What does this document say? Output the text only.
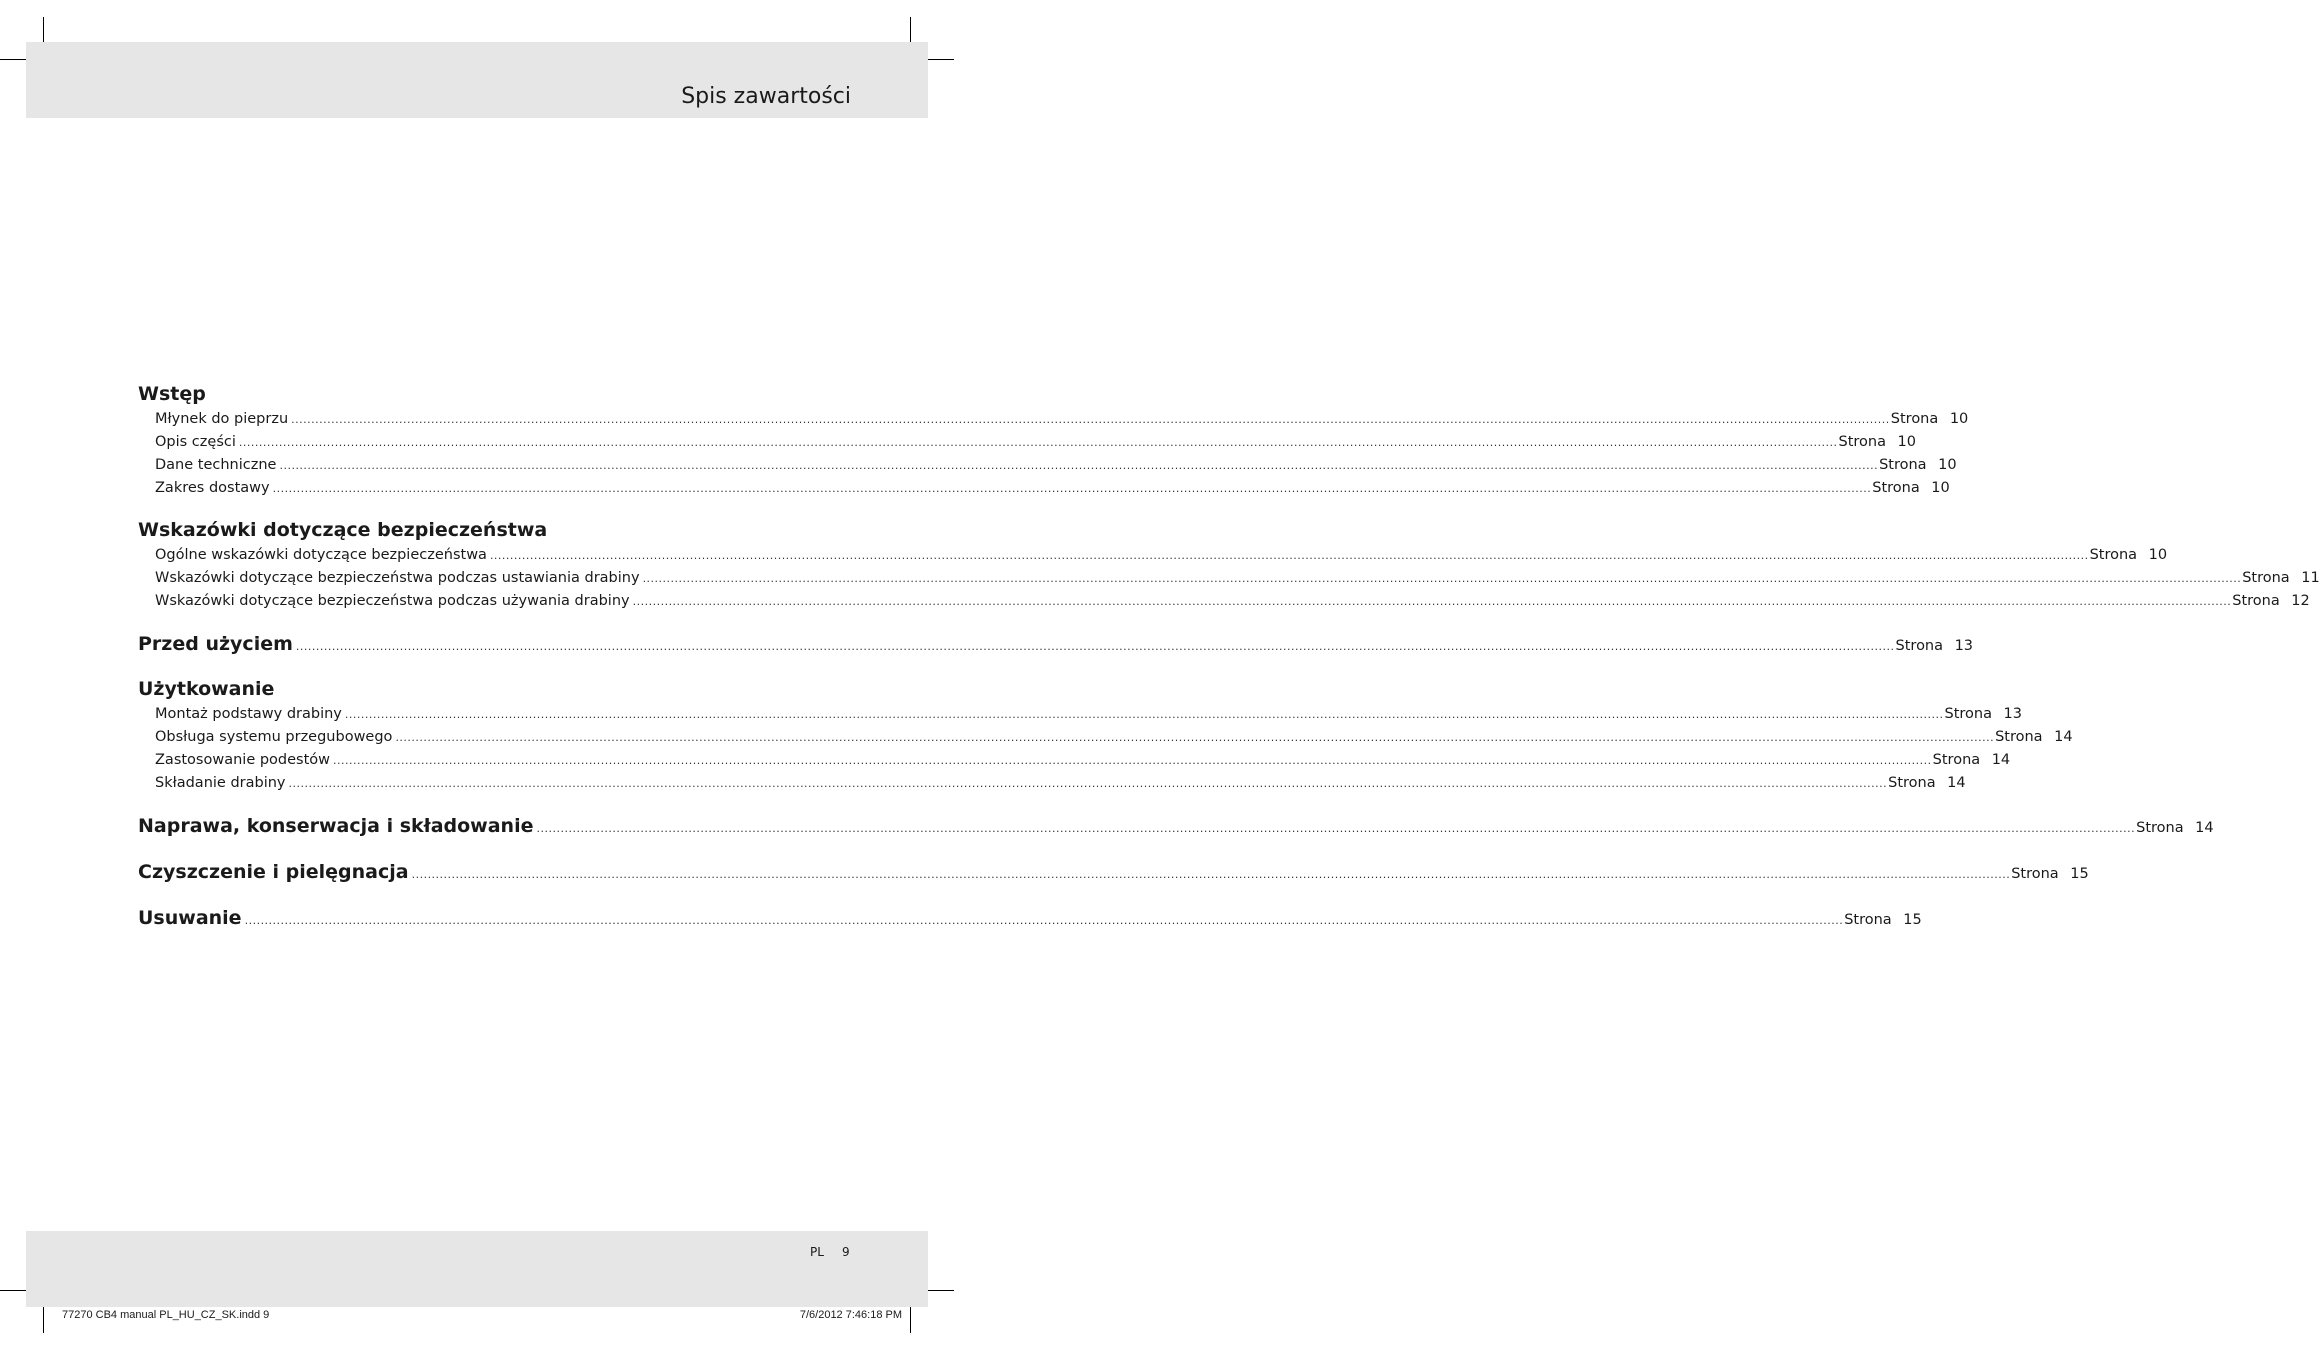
Spis zawartości
Wstęp
Młynek do pieprzu ................................................................................................................................................................................................................................................................................................................................................................................................................ Strona 10
Opis części ................................................................................................................................................................................................................................................................................................................................................................................................................ Strona 10
Dane techniczne ................................................................................................................................................................................................................................................................................................................................................................................................................ Strona 10
Zakres dostawy ................................................................................................................................................................................................................................................................................................................................................................................................................ Strona 10
Wskazówki dotyczące bezpieczeństwa
Ogólne wskazówki dotyczące bezpieczeństwa ................................................................................................................................................................................................................................................................................................................................................................................................................ Strona 10
Wskazówki dotyczące bezpieczeństwa podczas ustawiania drabiny ................................................................................................................................................................................................................................................................................................................................................................................................................ Strona 11
Wskazówki dotyczące bezpieczeństwa podczas używania drabiny ................................................................................................................................................................................................................................................................................................................................................................................................................ Strona 12
Przed użyciem ................................................................................................................................................................................................................................................................................................................................................................................................................ Strona 13
Użytkowanie
Montaż podstawy drabiny ................................................................................................................................................................................................................................................................................................................................................................................................................ Strona 13
Obsługa systemu przegubowego ................................................................................................................................................................................................................................................................................................................................................................................................................ Strona 14
Zastosowanie podestów ................................................................................................................................................................................................................................................................................................................................................................................................................ Strona 14
Składanie drabiny ................................................................................................................................................................................................................................................................................................................................................................................................................ Strona 14
Naprawa, konserwacja i składowanie ................................................................................................................................................................................................................................................................................................................................................................................................................ Strona 14
Czyszczenie i pielęgnacja ................................................................................................................................................................................................................................................................................................................................................................................................................ Strona 15
Usuwanie ................................................................................................................................................................................................................................................................................................................................................................................................................ Strona 15
PL 9
77270 CB4 manual PL_HU_CZ_SK.indd 9	7/6/2012 7:46:18 PM
